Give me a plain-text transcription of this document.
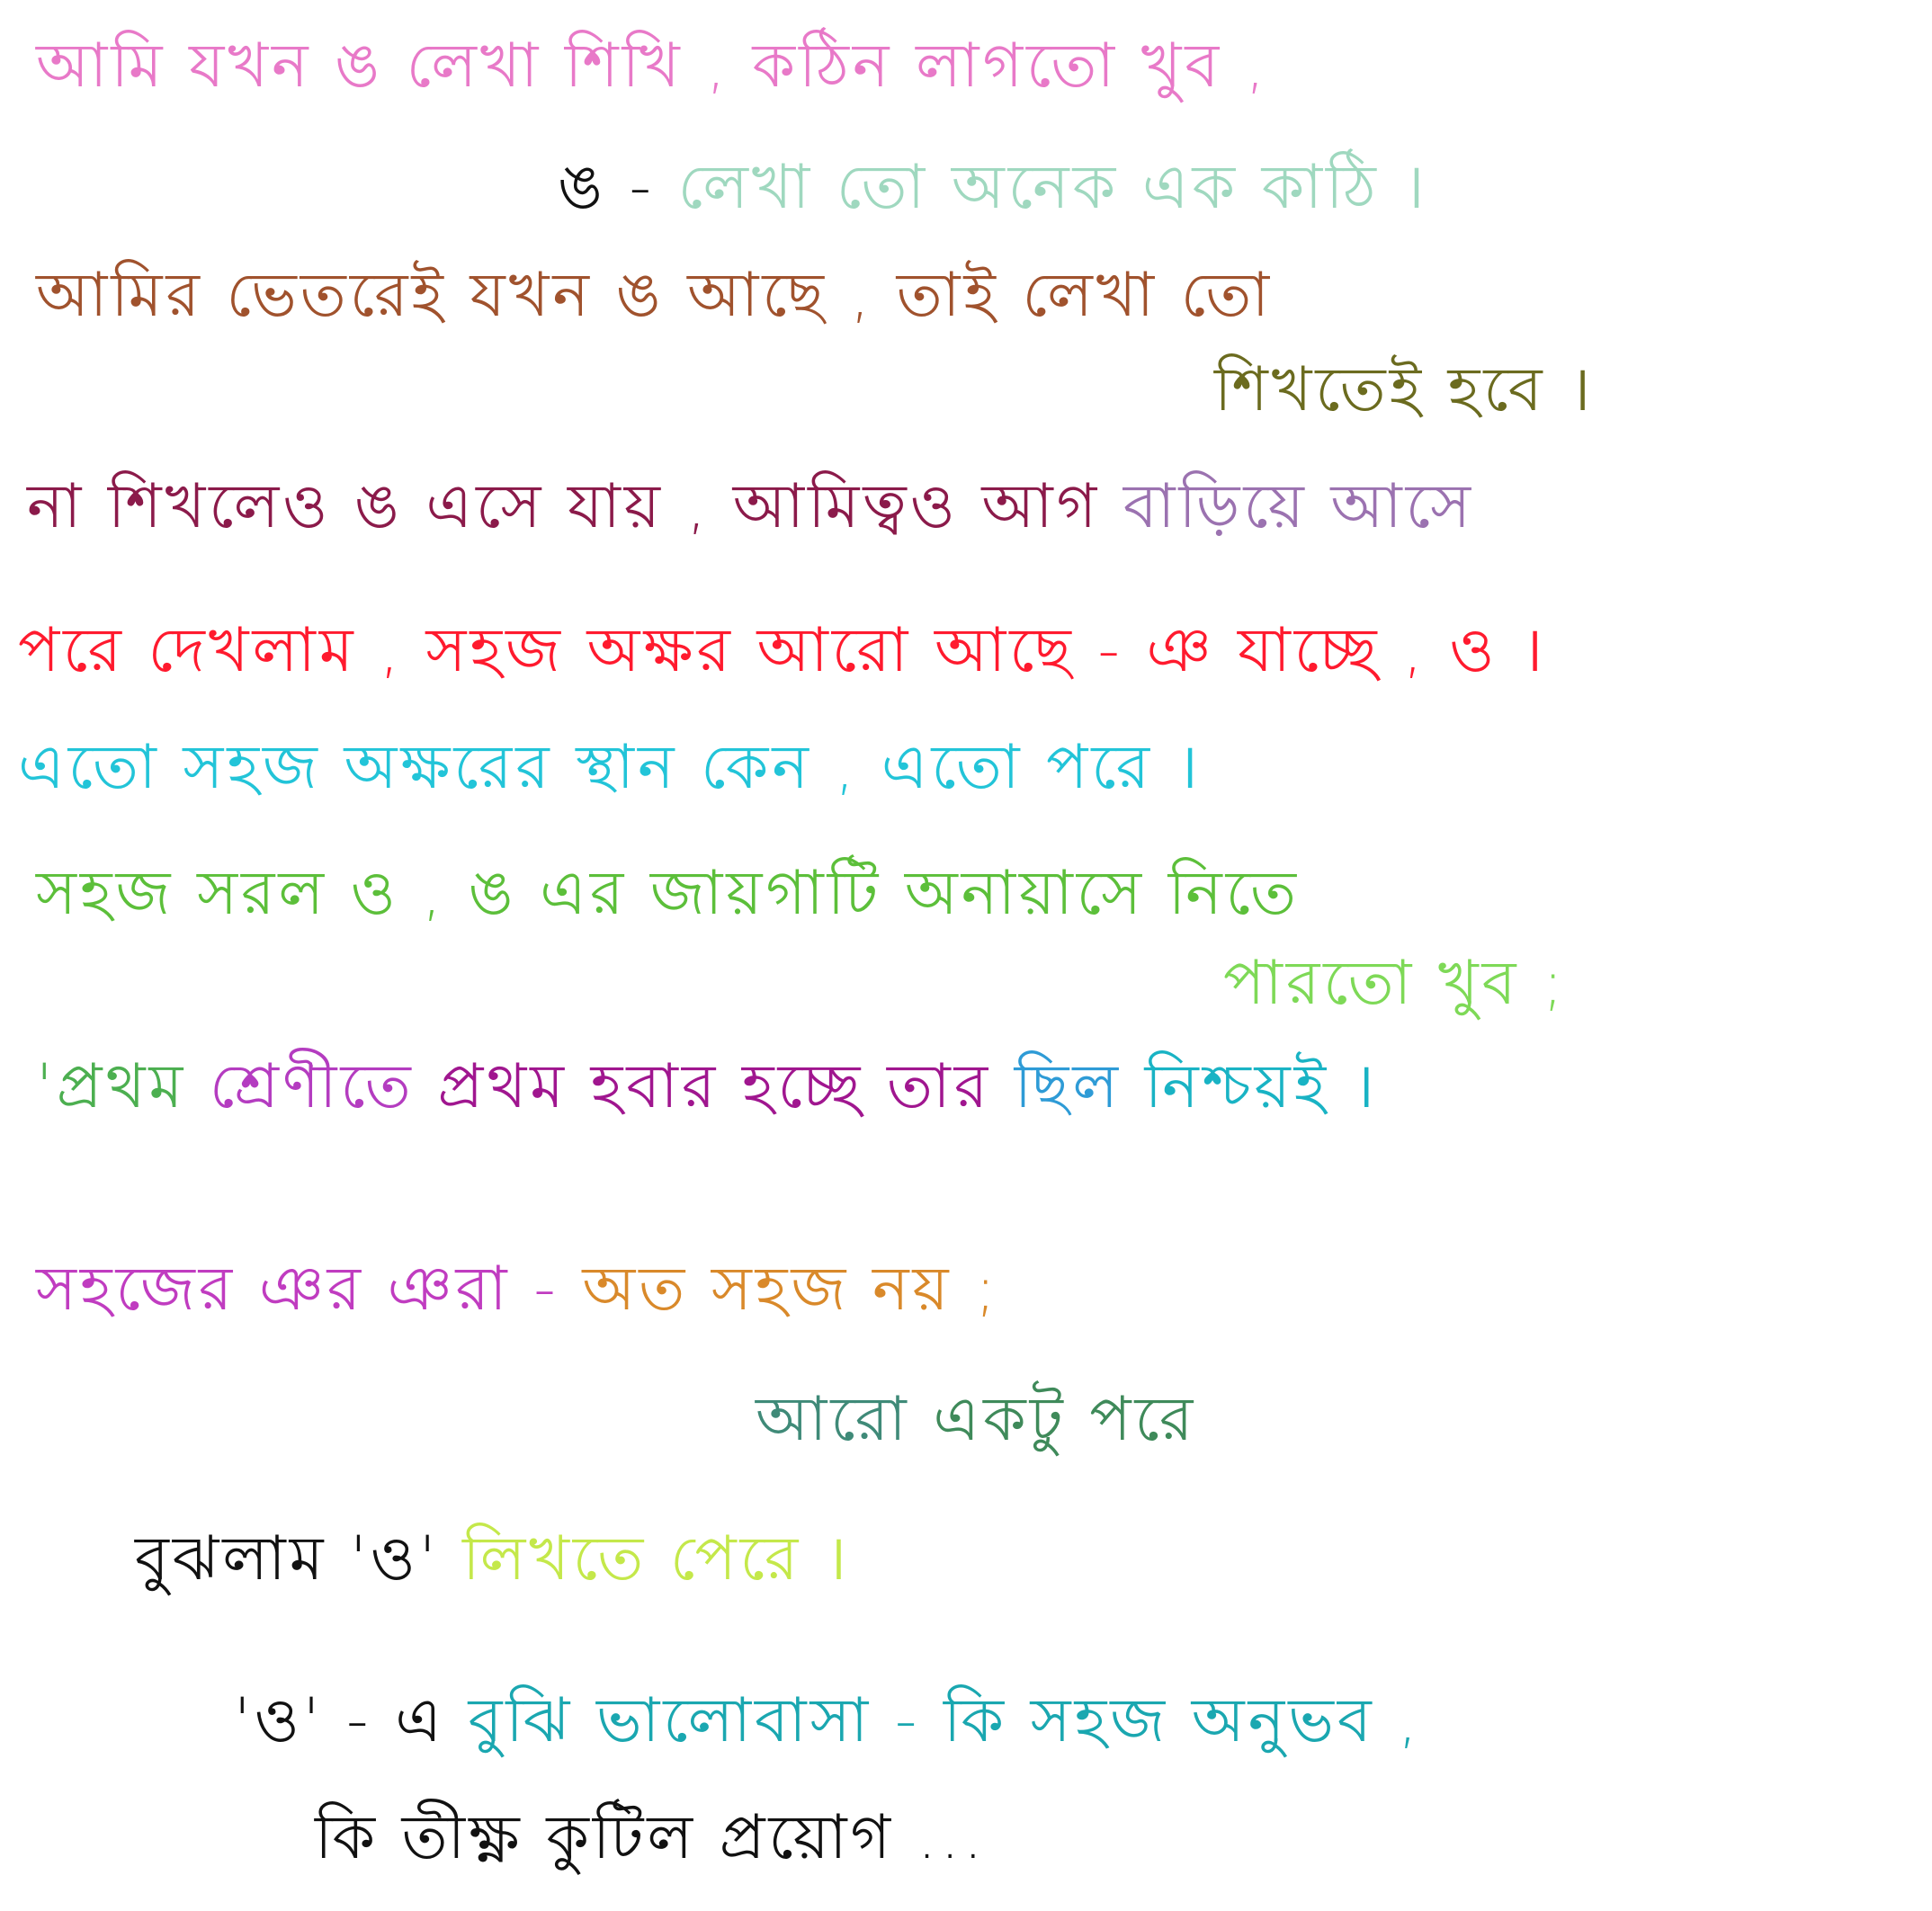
আমি যখন ঙ লেখা শিখি , কঠিন লাগতো খুব ,
ঙ - লেখা তো অনেক এক কাঠি ।
আমির ভেতরেই যখন ঙ আছে , তাই লেখা তো
শিখতেই হবে ।
না শিখলেও ঙ এসে যায় , আমিত্বও আগ বাড়িয়ে আসে
পরে দেখলাম , সহজ অক্ষর আরো আছে - ঞ যাচ্ছে , ও ।
এতো সহজ অক্ষরের স্থান কেন , এতো পরে ।
সহজ সরল ও , ঙ এর জায়গাটি অনায়াসে নিতে
পারতো খুব ;
'প্রথম শ্রেণীতে প্রথম হবার হচ্ছে তার ছিল নিশ্চয়ই ।
সহজের ঞর ঞরা - অত সহজ নয় ;
আরো একটু পরে
বুঝলাম 'ও' লিখতে পেরে ।
'ও' - এ বুঝি ভালোবাসা - কি সহজ অনুভব ,
কি তীক্ষ্ণ কুটিল প্রয়োগ ...
